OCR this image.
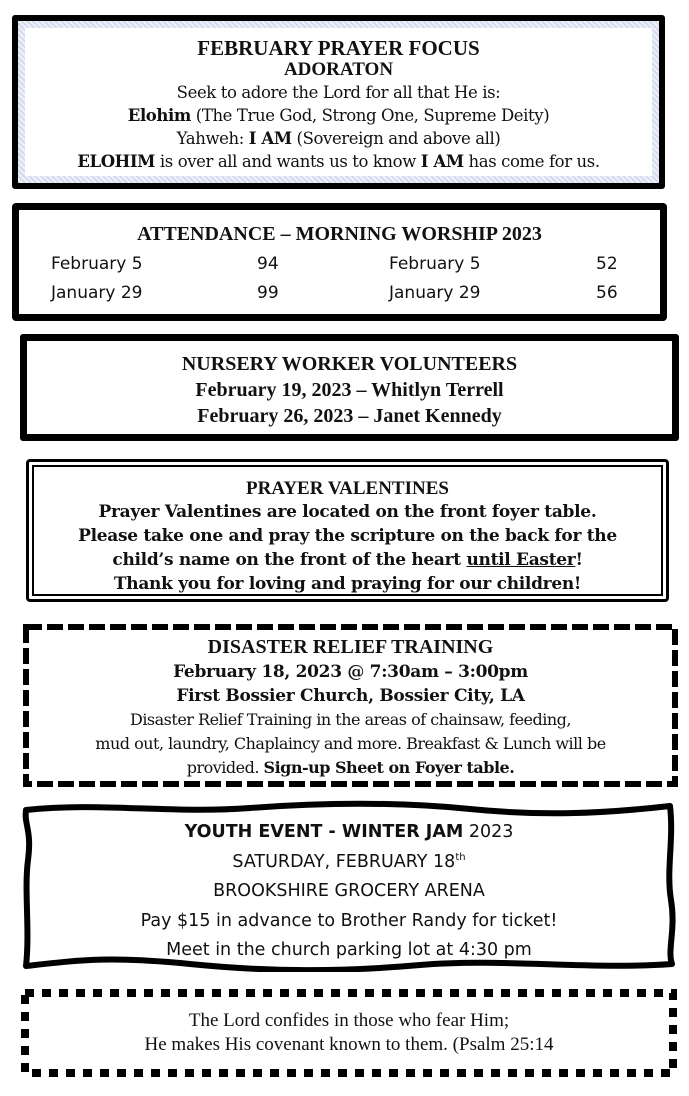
FEBRUARY PRAYER FOCUS
ADORATON
Seek to adore the Lord for all that He is:
Elohim (The True God, Strong One, Supreme Deity)
Yahweh: I AM (Sovereign and above all)
ELOHIM is over all and wants us to know I AM has come for us.
ATTENDANCE – MORNING WORSHIP 2023
February 5	94	February 5	52
January 29	99	January 29	56
NURSERY WORKER VOLUNTEERS
February 19, 2023 – Whitlyn Terrell
February 26, 2023 – Janet Kennedy
PRAYER VALENTINES
Prayer Valentines are located on the front foyer table.
Please take one and pray the scripture on the back for the
child’s name on the front of the heart until Easter!
Thank you for loving and praying for our children!
DISASTER RELIEF TRAINING
February 18, 2023 @ 7:30am – 3:00pm
First Bossier Church, Bossier City, LA
Disaster Relief Training in the areas of chainsaw, feeding,
mud out, laundry, Chaplaincy and more. Breakfast & Lunch will be
provided. Sign-up Sheet on Foyer table.
YOUTH EVENT - WINTER JAM 2023
SATURDAY, FEBRUARY 18th
BROOKSHIRE GROCERY ARENA
Pay $15 in advance to Brother Randy for ticket!
Meet in the church parking lot at 4:30 pm
The Lord confides in those who fear Him;
He makes His covenant known to them. (Psalm 25:14
